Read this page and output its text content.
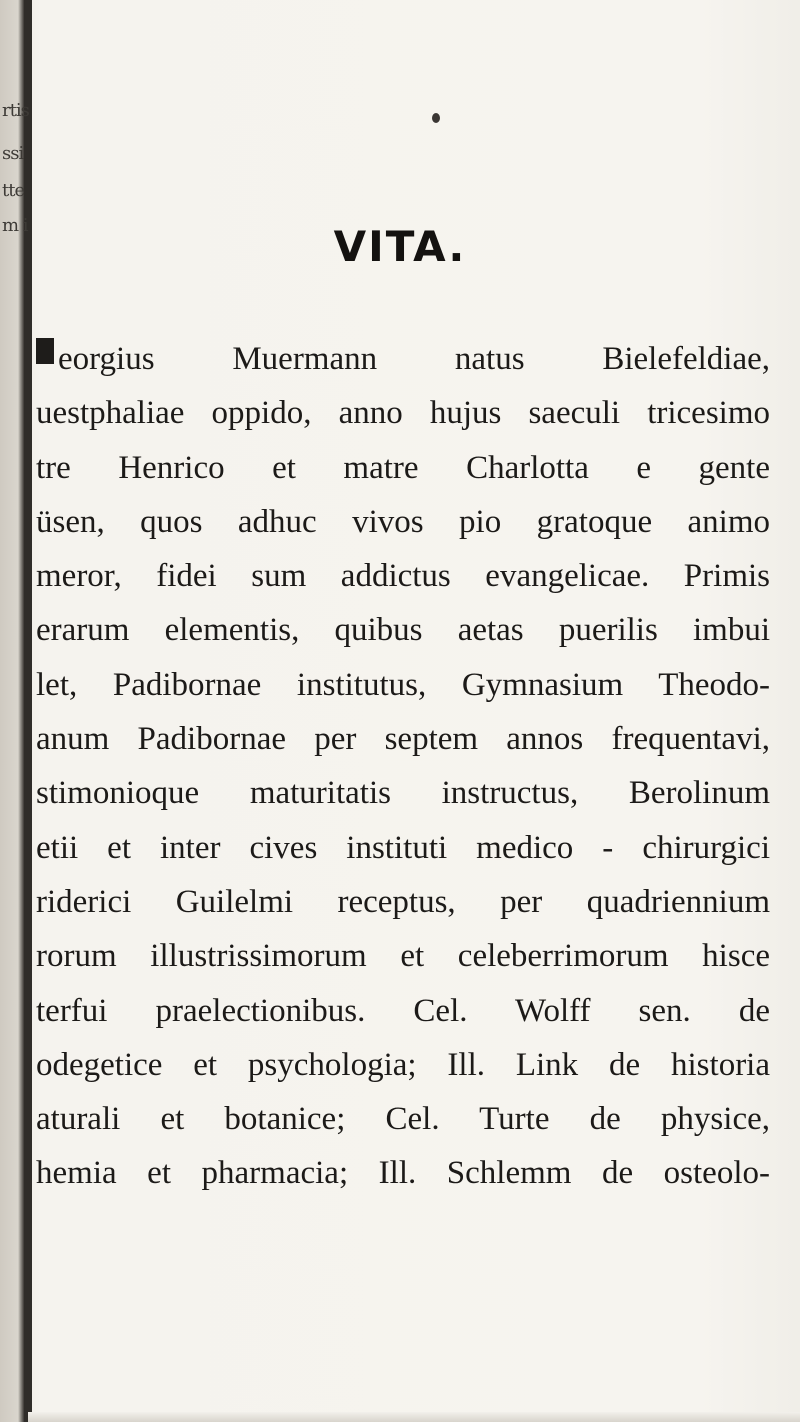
rtis
ssi
tte
m i	VITA.
eorgius Muermann natus Bielefeldiae,
uestphaliae oppido, anno hujus saeculi tricesimo
tre Henrico et matre Charlotta e gente
üsen, quos adhuc vivos pio gratoque animo
meror, fidei sum addictus evangelicae. Primis
erarum elementis, quibus aetas puerilis imbui
let, Padibornae institutus, Gymnasium Theodo-
anum Padibornae per septem annos frequentavi,
stimonioque maturitatis instructus, Berolinum
etii et inter cives instituti medico - chirurgici
riderici Guilelmi receptus, per quadriennium
rorum illustrissimorum et celeberrimorum hisce
terfui praelectionibus. Cel. Wolff sen. de
odegetice et psychologia; Ill. Link de historia
aturali et botanice; Cel. Turte de physice,
hemia et pharmacia; Ill. Schlemm de osteolo-
